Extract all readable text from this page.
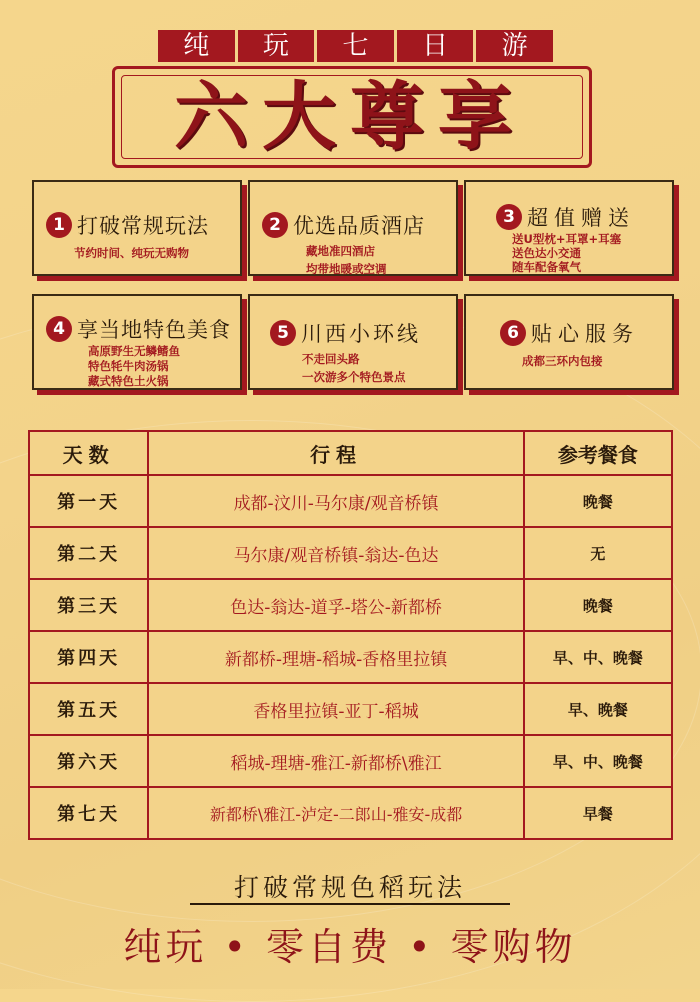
纯	玩	七	日	游
六大尊享
1 打破常规玩法
节约时间、纯玩无购物
2 优选品质酒店
藏地准四酒店
均带地暖或空调
3 超值赠送
送U型枕+耳罩+耳塞
送色达小交通
随车配备氧气
4 享当地特色美食
高原野生无鳞鳍鱼
特色牦牛肉汤锅
藏式特色土火锅
5 川西小环线
不走回头路
一次游多个特色景点
6 贴心服务
成都三环内包接
天数	行程	参考餐食
第一天	成都-汶川-马尔康/观音桥镇	晚餐
第二天	马尔康/观音桥镇-翁达-色达	无
第三天	色达-翁达-道孚-塔公-新都桥	晚餐
第四天	新都桥-理塘-稻城-香格里拉镇	早、中、晚餐
第五天	香格里拉镇-亚丁-稻城	早、晚餐
第六天	稻城-理塘-雅江-新都桥\雅江	早、中、晚餐
第七天	新都桥\雅江-泸定-二郎山-雅安-成都	早餐
打破常规色稻玩法
纯玩 • 零自费 • 零购物
